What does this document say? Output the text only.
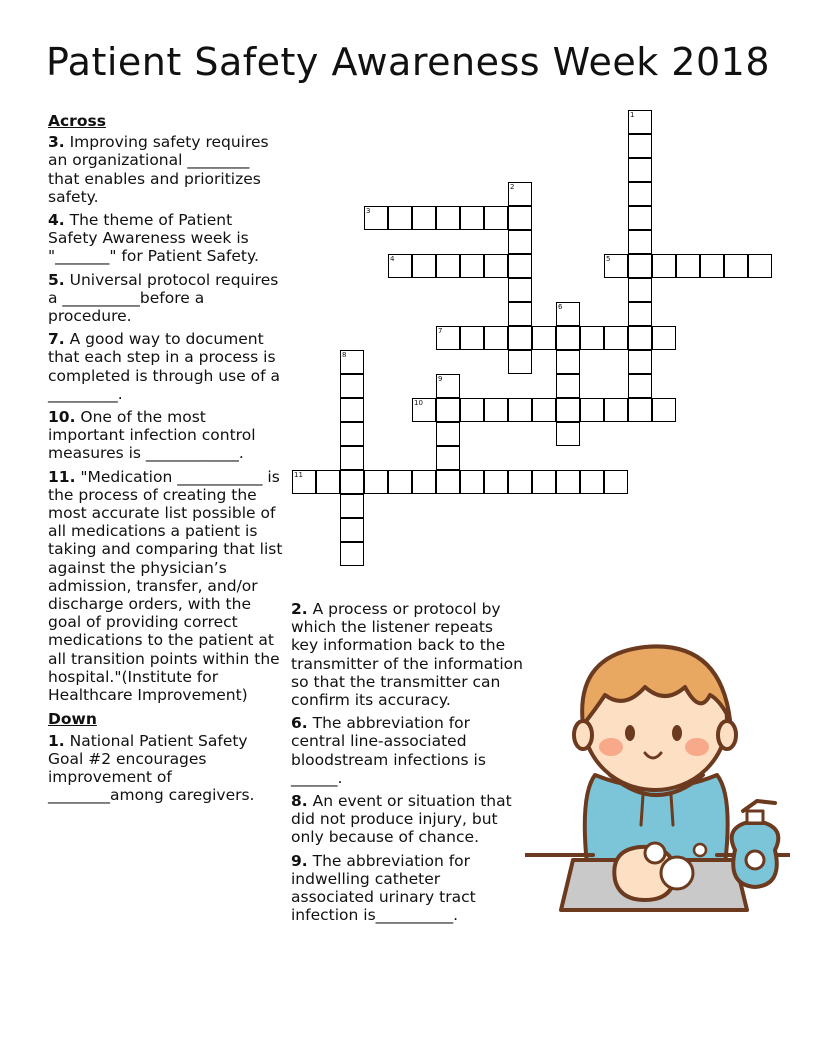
Patient Safety Awareness Week 2018
Across
3. Improving safety requires an organizational ________ that enables and prioritizes safety.
4. The theme of Patient Safety Awareness week is "_______" for Patient Safety.
5. Universal protocol requires a __________before a procedure.
7. A good way to document that each step in a process is completed is through use of a _________.
10. One of the most important infection control measures is ____________.
11. "Medication ___________ is the process of creating the most accurate list possible of all medications a patient is taking and comparing that list against the physician’s admission, transfer, and/or discharge orders, with the goal of providing correct medications to the patient at all transition points within the hospital."(Institute for Healthcare Improvement)
Down
1. National Patient Safety Goal #2 encourages improvement of ________among caregivers.
2. A process or protocol by which the listener repeats key information back to the transmitter of the information so that the transmitter can confirm its accuracy.
6. The abbreviation for central line-associated bloodstream infections is ______.
8. An event or situation that did not produce injury, but only because of chance.
9. The abbreviation for indwelling catheter associated urinary tract infection is__________.
1
2
3
4	5
6
7
8
9
10
11
